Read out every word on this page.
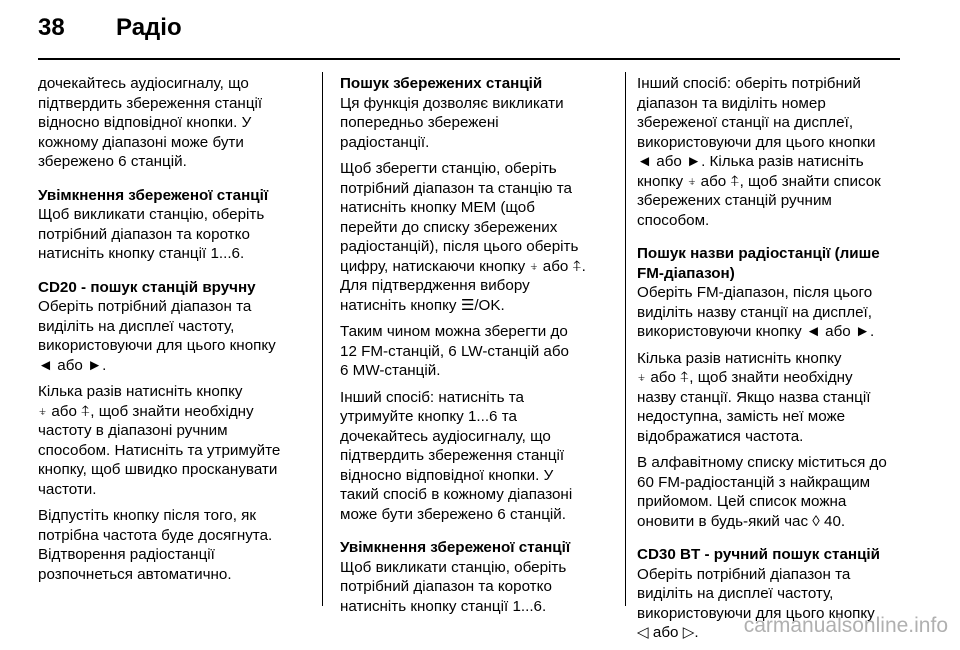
38 Радіо

дочекайтесь аудіосигналу, що
підтвердить збереження станції
відносно відповідної кнопки. У
кожному діапазоні може бути
збережено 6 станцій.

Увімкнення збереженої станції

Щоб викликати станцію, оберіть
потрібний діапазон та коротко
натисніть кнопку станції 1...6.

CD20 - пошук станцій вручну

Оберіть потрібний діапазон та
виділіть на дисплеї частоту,
використовуючи для цього кнопку
◄ або ►.

Кілька разів натисніть кнопку
⍖ або ⍏, щоб знайти необхідну
частоту в діапазоні ручним
способом. Натисніть та утримуйте
кнопку, щоб швидко просканувати
частоти.

Відпустіть кнопку після того, як
потрібна частота буде досягнута.
Відтворення радіостанції
розпочнеться автоматично.

Пошук збережених станцій

Ця функція дозволяє викликати
попередньо збережені
радіостанції.

Щоб зберегти станцію, оберіть
потрібний діапазон та станцію та
натисніть кнопку MEM (щоб
перейти до списку збережених
радіостанцій), після цього оберіть
цифру, натискаючи кнопку ⍖ або ⍏.
Для підтвердження вибору
натисніть кнопку ☰/OK.

Таким чином можна зберегти до
12 FM-станцій, 6 LW-станцій або
6 MW-станцій.

Інший спосіб: натисніть та
утримуйте кнопку 1...6 та
дочекайтесь аудіосигналу, що
підтвердить збереження станції
відносно відповідної кнопки. У
такий спосіб в кожному діапазоні
може бути збережено 6 станцій.

Увімкнення збереженої станції

Щоб викликати станцію, оберіть
потрібний діапазон та коротко
натисніть кнопку станції 1...6.

Інший спосіб: оберіть потрібний
діапазон та виділіть номер
збереженої станції на дисплеї,
використовуючи для цього кнопки
◄ або ►. Кілька разів натисніть
кнопку ⍖ або ⍏, щоб знайти список
збережених станцій ручним
способом.

Пошук назви радіостанції (лише
FM-діапазон)

Оберіть FM-діапазон, після цього
виділіть назву станції на дисплеї,
використовуючи кнопку ◄ або ►.

Кілька разів натисніть кнопку
⍖ або ⍏, щоб знайти необхідну
назву станції. Якщо назва станції
недоступна, замість неї може
відображатися частота.

В алфавітному списку міститься до
60 FM-радіостанцій з найкращим
прийомом. Цей список можна
оновити в будь-який час ◊ 40.

CD30 BT - ручний пошук станцій

Оберіть потрібний діапазон та
виділіть на дисплеї частоту,
використовуючи для цього кнопку
◁ або ▷.	carmanualsonline.info
